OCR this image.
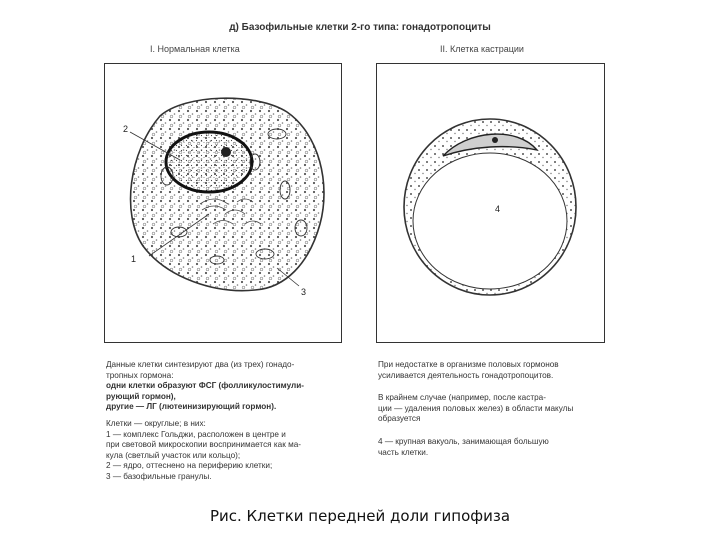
д) Базофильные клетки 2-го типа: гонадотропоциты
I. Нормальная клетка	II. Клетка кастрации
2
1
3
4

Данные клетки синтезируют два (из трех) гонадо-

тропных гормона:

одни клетки образуют ФСГ (фолликулостимули-

рующий гормон),

другие — ЛГ (лютеинизирующий гормон).

Клетки — округлые; в них:

1 — комплекс Гольджи, расположен в центре и

при световой микроскопии воспринимается как ма-

кула (светлый участок или кольцо);

2 — ядро, оттеснено на периферию клетки;

3 — базофильные гранулы.

При недостатке в организме половых гормонов

усиливается деятельность гонадотропоцитов.

В крайнем случае (например, после кастра-

ции — удаления половых желез) в области макулы

образуется

4 — крупная вакуоль, занимающая большую

часть клетки.

Рис. Клетки передней доли гипофиза
